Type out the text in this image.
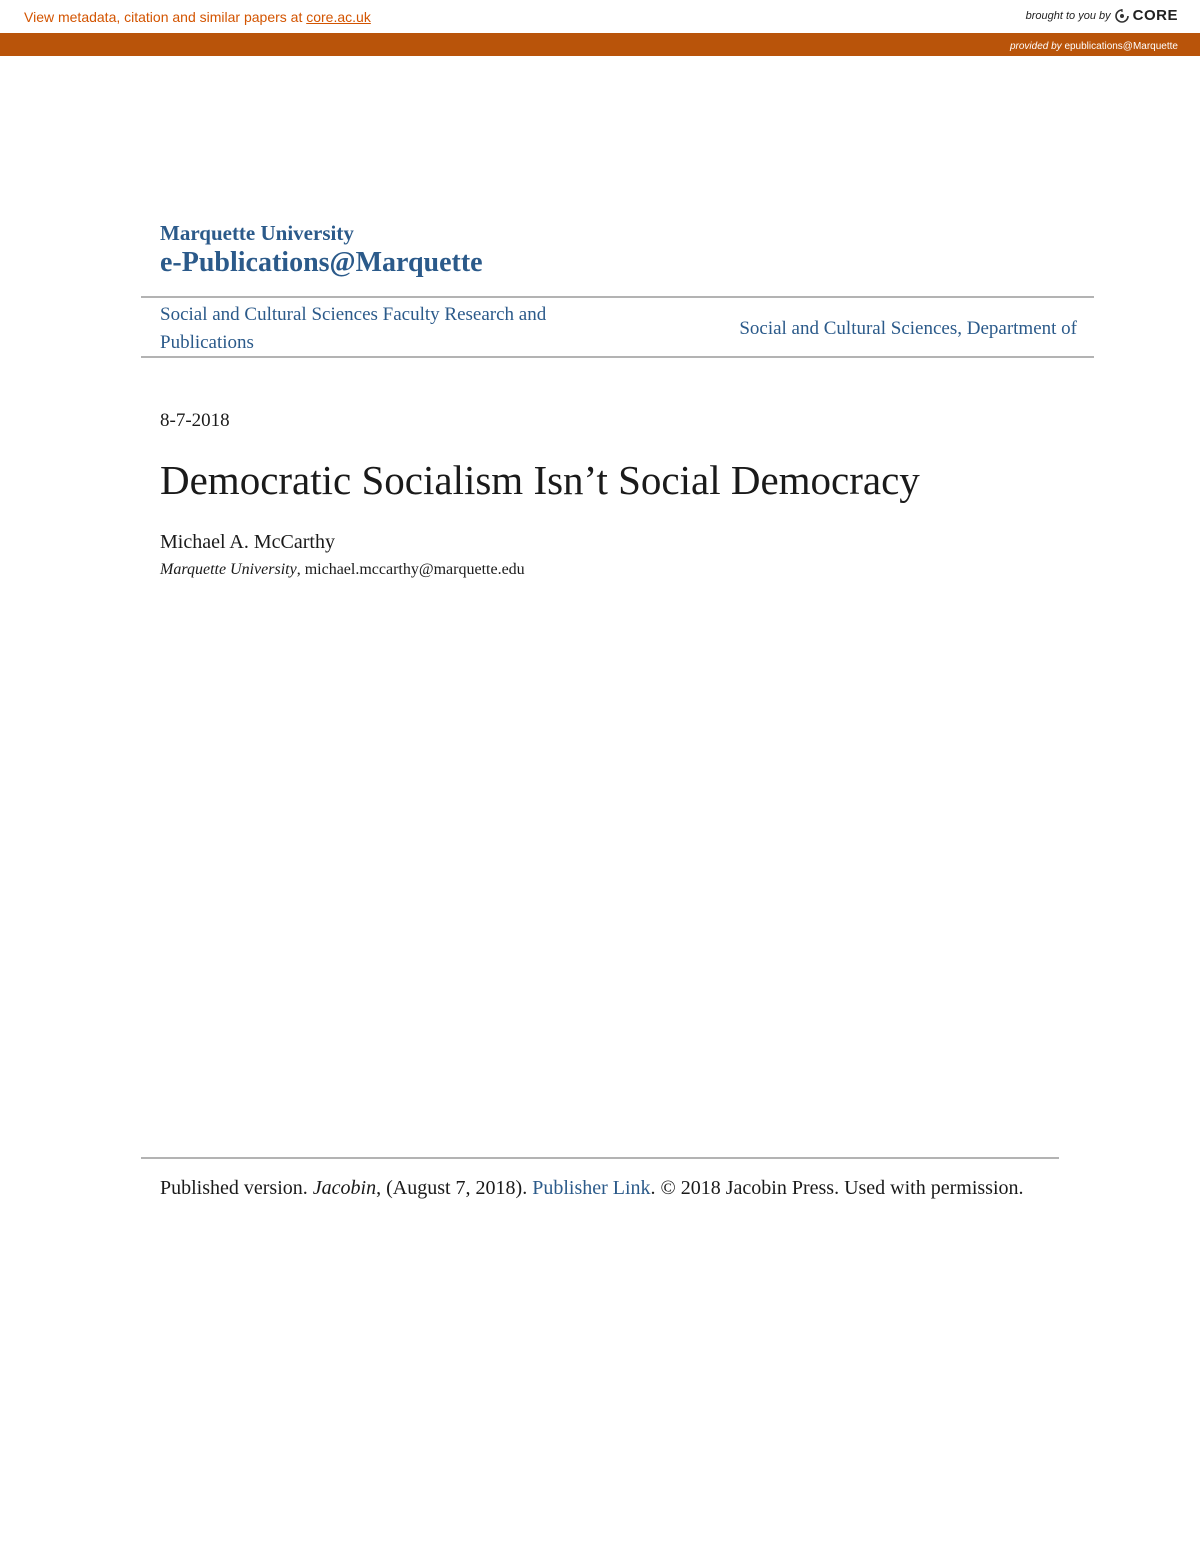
View metadata, citation and similar papers at core.ac.uk	brought to you by CORE
provided by epublications@Marquette
Marquette University
e-Publications@Marquette
Social and Cultural Sciences Faculty Research and Publications
Social and Cultural Sciences, Department of
8-7-2018
Democratic Socialism Isn’t Social Democracy
Michael A. McCarthy
Marquette University, michael.mccarthy@marquette.edu
Published version. Jacobin, (August 7, 2018). Publisher Link. © 2018 Jacobin Press. Used with permission.
